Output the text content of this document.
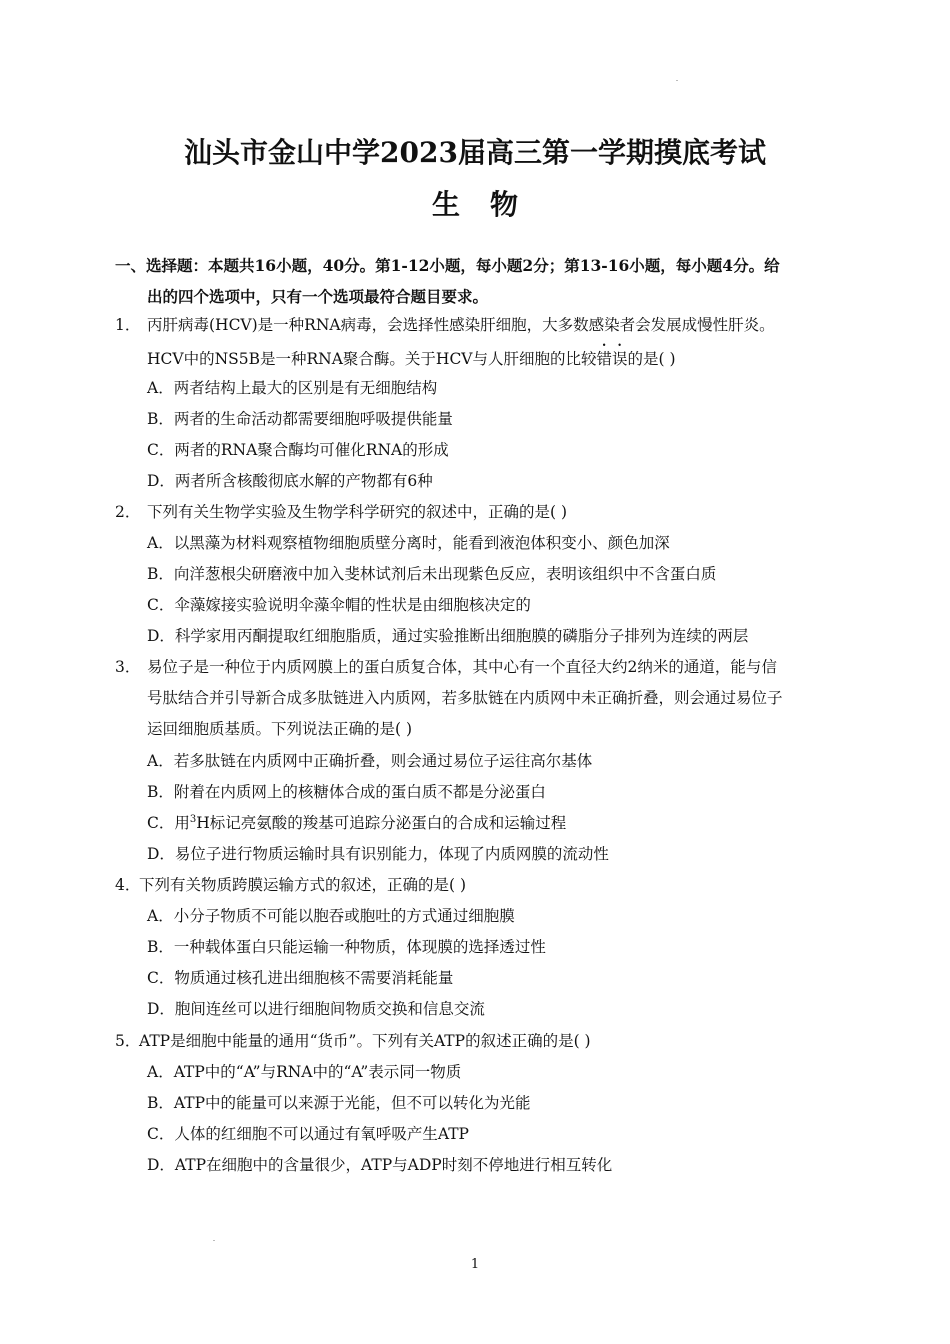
汕头市金山中学2023届高三第一学期摸底考试
生 物
一、选择题：本题共16小题，40分。第1-12小题，每小题2分；第13-16小题，每小题4分。给
出的四个选项中，只有一个选项最符合题目要求。
1． 丙肝病毒(HCV)是一种RNA病毒，会选择性感染肝细胞，大多数感染者会发展成慢性肝炎。
HCV中的NS5B是一种RNA聚合酶。关于HCV与人肝细胞的比较错误的是( )
A．两者结构上最大的区别是有无细胞结构
B．两者的生命活动都需要细胞呼吸提供能量
C．两者的RNA聚合酶均可催化RNA的形成
D．两者所含核酸彻底水解的产物都有6种
2． 下列有关生物学实验及生物学科学研究的叙述中，正确的是( )
A．以黑藻为材料观察植物细胞质壁分离时，能看到液泡体积变小、颜色加深
B．向洋葱根尖研磨液中加入斐林试剂后未出现紫色反应，表明该组织中不含蛋白质
C．伞藻嫁接实验说明伞藻伞帽的性状是由细胞核决定的
D．科学家用丙酮提取红细胞脂质，通过实验推断出细胞膜的磷脂分子排列为连续的两层
3． 易位子是一种位于内质网膜上的蛋白质复合体，其中心有一个直径大约2纳米的通道，能与信
号肽结合并引导新合成多肽链进入内质网，若多肽链在内质网中未正确折叠，则会通过易位子
运回细胞质基质。下列说法正确的是( )
A．若多肽链在内质网中正确折叠，则会通过易位子运往高尔基体
B．附着在内质网上的核糖体合成的蛋白质不都是分泌蛋白
C．用$^3$H标记亮氨酸的羧基可追踪分泌蛋白的合成和运输过程
D．易位子进行物质运输时具有识别能力，体现了内质网膜的流动性
4．下列有关物质跨膜运输方式的叙述，正确的是( )
A．小分子物质不可能以胞吞或胞吐的方式通过细胞膜
B．一种载体蛋白只能运输一种物质，体现膜的选择透过性
C．物质通过核孔进出细胞核不需要消耗能量
D．胞间连丝可以进行细胞间物质交换和信息交流
5．ATP是细胞中能量的通用“货币”。下列有关ATP的叙述正确的是( )
A．ATP中的“A”与RNA中的“A”表示同一物质
B．ATP中的能量可以来源于光能，但不可以转化为光能
C．人体的红细胞不可以通过有氧呼吸产生ATP
D．ATP在细胞中的含量很少，ATP与ADP时刻不停地进行相互转化
1
